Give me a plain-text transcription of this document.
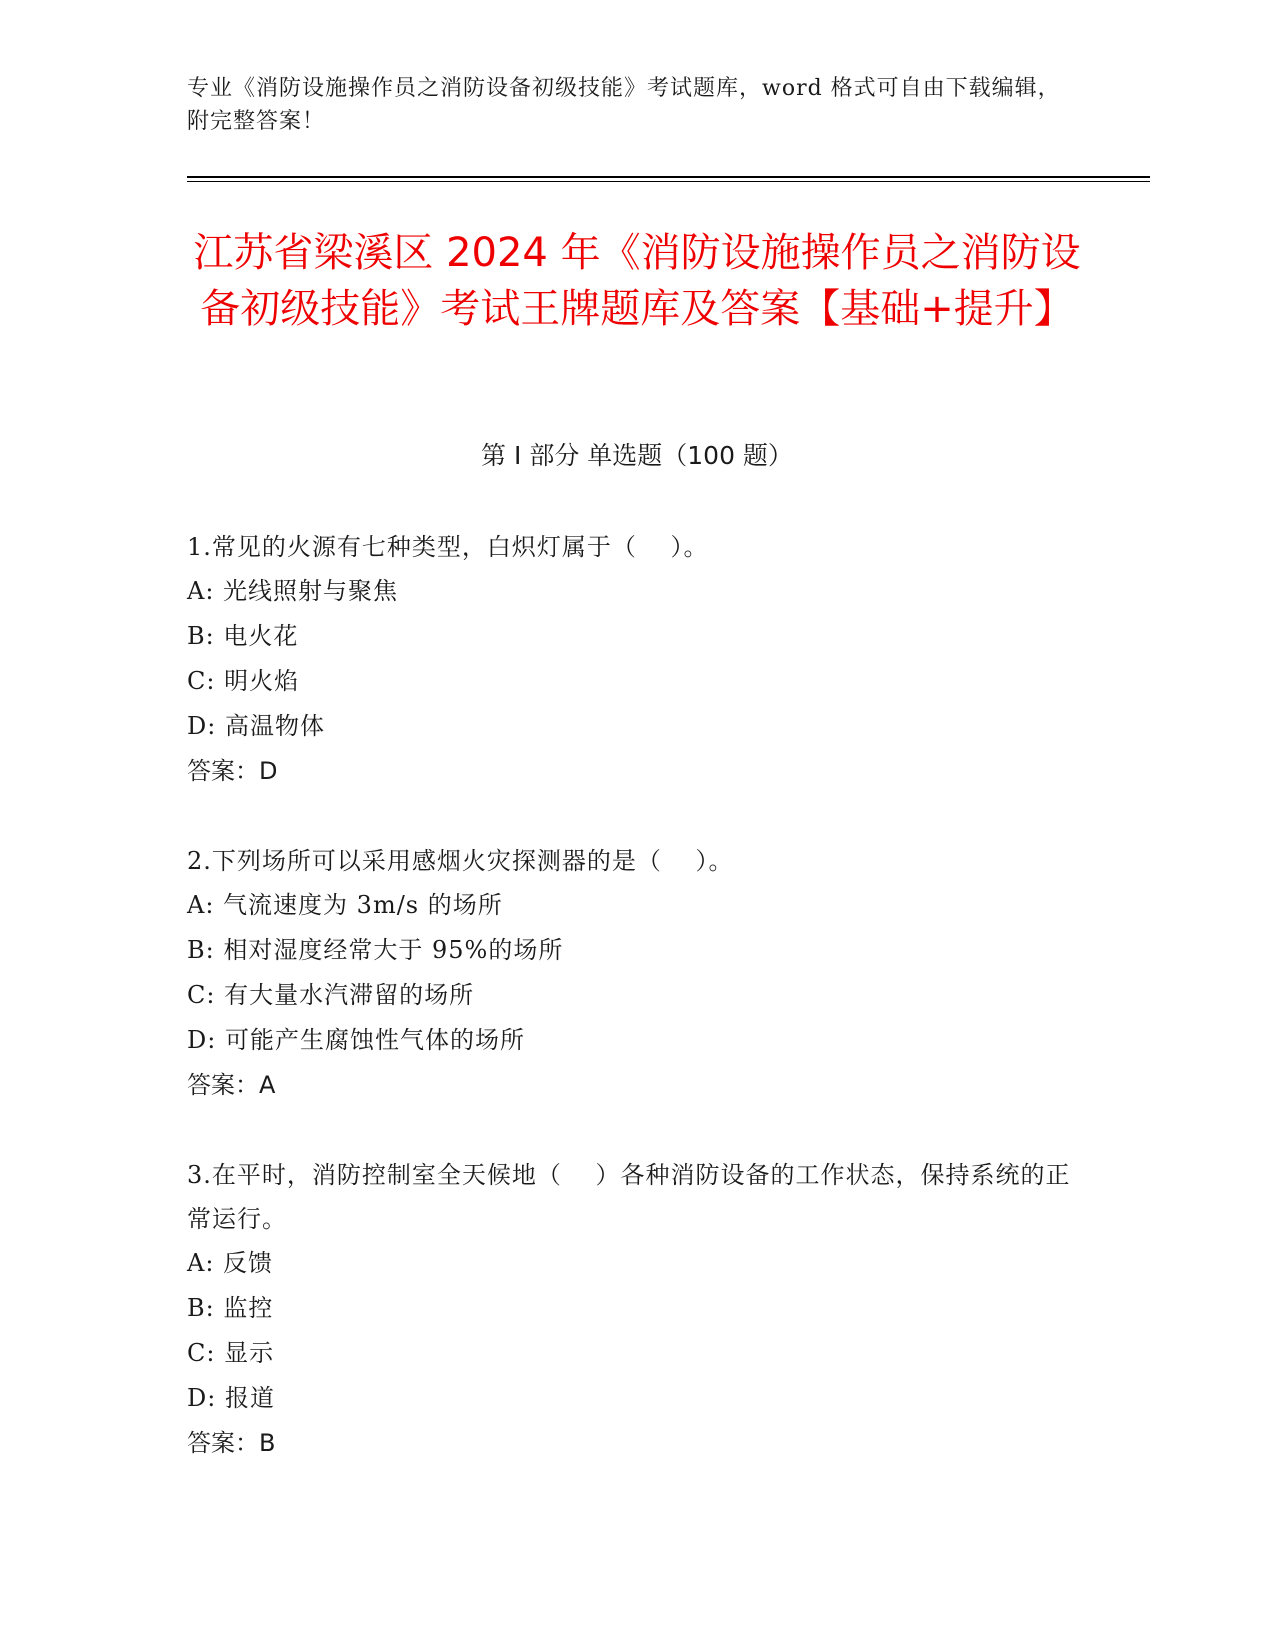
专业《消防设施操作员之消防设备初级技能》考试题库，word 格式可自由下载编辑，附完整答案！
江苏省梁溪区 2024 年《消防设施操作员之消防设备初级技能》考试王牌题库及答案【基础+提升】
第 I 部分 单选题（100 题）

1.常见的火源有七种类型，白炽灯属于（　 ）。

A: 光线照射与聚焦

B: 电火花

C: 明火焰

D: 高温物体

答案：D

2.下列场所可以采用感烟火灾探测器的是（　 ）。

A: 气流速度为 3m/s 的场所

B: 相对湿度经常大于 95%的场所

C: 有大量水汽滞留的场所

D: 可能产生腐蚀性气体的场所

答案：A

3.在平时，消防控制室全天候地（　 ）各种消防设备的工作状态，保持系统的正常运行。

A: 反馈

B: 监控

C: 显示

D: 报道

答案：B
